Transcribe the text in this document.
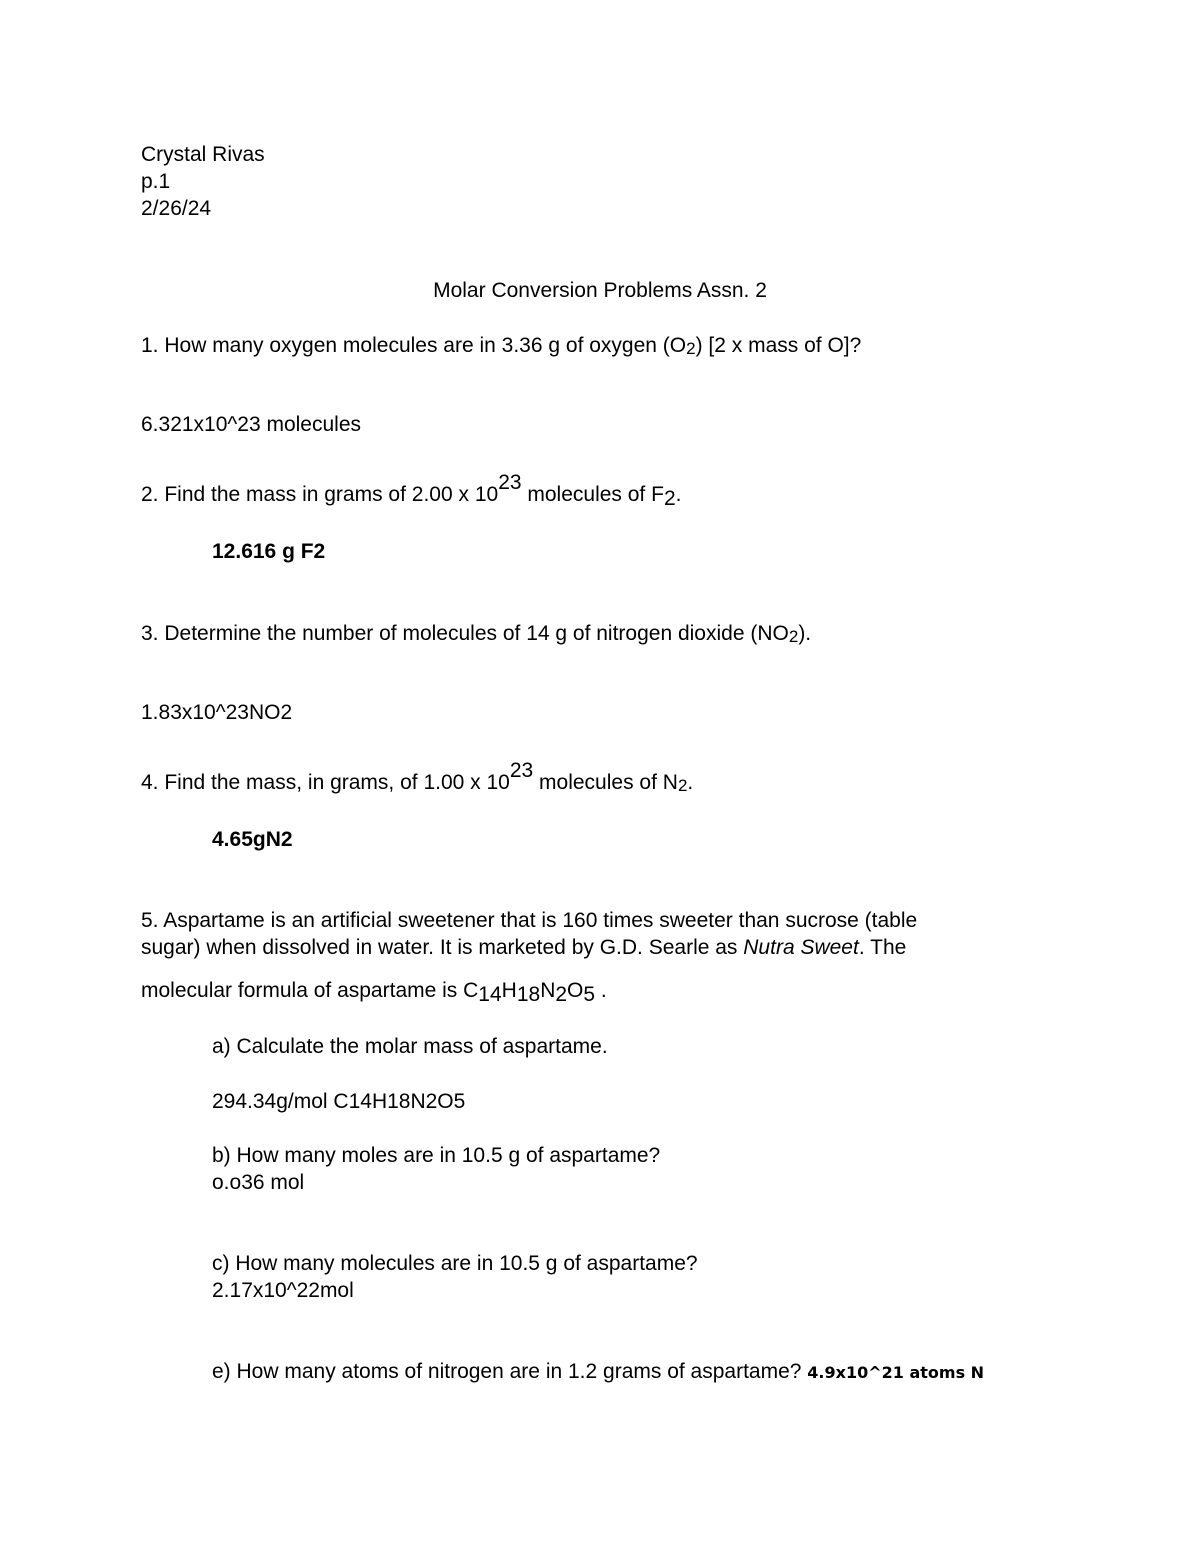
Crystal Rivas
p.1
2/26/24
Molar Conversion Problems Assn. 2
1. How many oxygen molecules are in 3.36 g of oxygen $(O_2)$ [2 x mass of O]?
6.321x10^23 molecules
2. Find the mass in grams of 2.00 x $10^{23}$ molecules of $F_2$.
12.616 g F2
3. Determine the number of molecules of 14 g of nitrogen dioxide $(NO_2)$.
1.83x10^23NO2
4. Find the mass, in grams, of 1.00 x $10^{23}$ molecules of $N_2$.
4.65gN2
5. Aspartame is an artificial sweetener that is 160 times sweeter than sucrose (table
sugar) when dissolved in water. It is marketed by G.D. Searle as Nutra Sweet. The
molecular formula of aspartame is $C_{14}H_{18}N_2O_5$ .
a) Calculate the molar mass of aspartame.
294.34g/mol C14H18N2O5
b) How many moles are in 10.5 g of aspartame?
o.o36 mol
c) How many molecules are in 10.5 g of aspartame?
2.17x10^22mol
e) How many atoms of nitrogen are in 1.2 grams of aspartame? 4.9x10^21 atoms N
